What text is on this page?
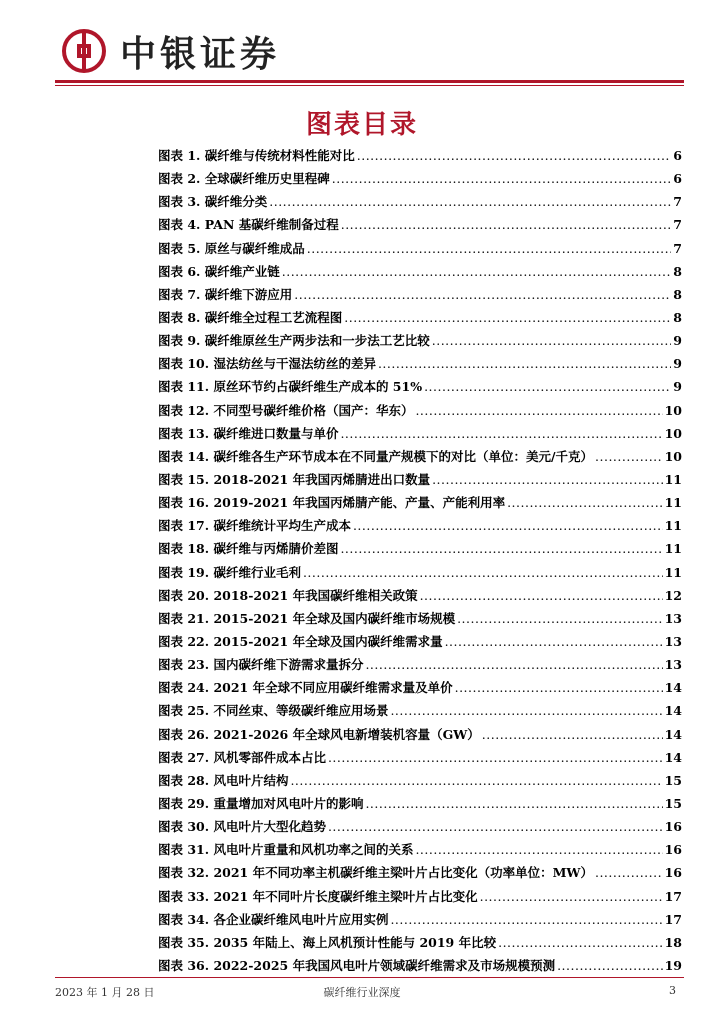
中银证券
图表目录
图表 1. 碳纤维与传统材料性能对比 .....	6
图表 2. 全球碳纤维历史里程碑 .....	6
图表 3. 碳纤维分类 .....	7
图表 4. PAN 基碳纤维制备过程 .....	7
图表 5. 原丝与碳纤维成品 .....	7
图表 6. 碳纤维产业链 .....	8
图表 7. 碳纤维下游应用 .....	8
图表 8. 碳纤维全过程工艺流程图 .....	8
图表 9. 碳纤维原丝生产两步法和一步法工艺比较 .....	9
图表 10. 湿法纺丝与干湿法纺丝的差异 .....	9
图表 11. 原丝环节约占碳纤维生产成本的 51% .....	9
图表 12. 不同型号碳纤维价格（国产：华东） .....	10
图表 13. 碳纤维进口数量与单价 .....	10
图表 14. 碳纤维各生产环节成本在不同量产规模下的对比（单位：美元/千克） .....	10
图表 15. 2018-2021 年我国丙烯腈进出口数量 .....	11
图表 16. 2019-2021 年我国丙烯腈产能、产量、产能利用率 .....	11
图表 17. 碳纤维统计平均生产成本 .....	11
图表 18. 碳纤维与丙烯腈价差图 .....	11
图表 19. 碳纤维行业毛利 .....	11
图表 20. 2018-2021 年我国碳纤维相关政策 .....	12
图表 21. 2015-2021 年全球及国内碳纤维市场规模 .....	13
图表 22. 2015-2021 年全球及国内碳纤维需求量 .....	13
图表 23. 国内碳纤维下游需求量拆分 .....	13
图表 24. 2021 年全球不同应用碳纤维需求量及单价 .....	14
图表 25. 不同丝束、等级碳纤维应用场景 .....	14
图表 26. 2021-2026 年全球风电新增装机容量（GW） .....	14
图表 27. 风机零部件成本占比 .....	14
图表 28. 风电叶片结构 .....	15
图表 29. 重量增加对风电叶片的影响 .....	15
图表 30. 风电叶片大型化趋势 .....	16
图表 31. 风电叶片重量和风机功率之间的关系 .....	16
图表 32. 2021 年不同功率主机碳纤维主梁叶片占比变化（功率单位：MW） .....	16
图表 33. 2021 年不同叶片长度碳纤维主梁叶片占比变化 .....	17
图表 34. 各企业碳纤维风电叶片应用实例 .....	17
图表 35. 2035 年陆上、海上风机预计性能与 2019 年比较 .....	18
图表 36. 2022-2025 年我国风电叶片领域碳纤维需求及市场规模预测 .....	19
2023 年 1 月 28 日	碳纤维行业深度	3
